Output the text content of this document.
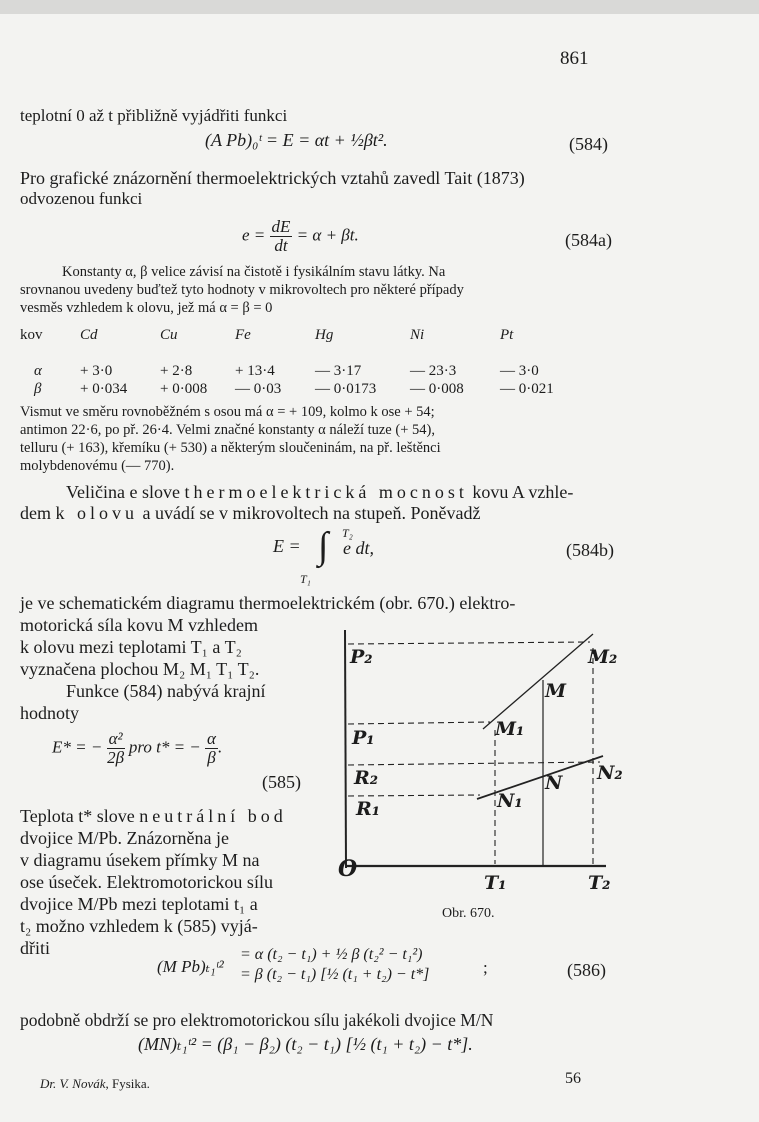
861
teplotní 0 až t přibližně vyjádřiti funkci
(A Pb)₀ᵗ = E = αt + ½βt².	(584)
Pro grafické znázornění thermoelektrických vztahů zavedl Tait (1873)
odvozenou funkci
$e = \frac{dE}{dt} = \alpha + \beta t$.	(584a)
Konstanty α, β velice závisí na čistotě i fysikálním stavu látky. Na
srovnanou uvedeny buďtež tyto hodnoty v mikrovoltech pro některé případy
vesměs vzhledem k olovu, jež má α = β = 0
kov	Cd	Cu	Fe	Hg	Ni	Pt

α	+ 3·0	+ 2·8	+ 13·4	— 3·17	— 23·3	— 3·0
β	+ 0·034	+ 0·008	— 0·03	— 0·0173	— 0·008	— 0·021
Vismut ve směru rovnoběžném s osou má α = + 109, kolmo k ose + 54;
antimon 22·6, po př. 26·4. Velmi značné konstanty α náleží tuze (+ 54),
telluru (+ 163), křemíku (+ 530) a některým sloučeninám, na př. leštěnci
molybdenovému (— 770).
Veličina e slove thermoelektrická mocnost kovu A vzhle-
dem k olovu a uvádí se v mikrovoltech na stupeň. Poněvadž
E = ∫ T₂
T₁
e dt,	(584b)
je ve schematickém diagramu thermoelektrickém (obr. 670.) elektro-
motorická síla kovu M vzhledem
k olovu mezi teplotami T₁ a T₂
vyznačena plochou M₂ M₁ T₁ T₂.
Funkce (584) nabývá krajní
hodnoty
E* = − $\frac{\text{α²}}{2\beta}$ pro t* = − $\frac{\alpha}{\beta}$ .
(585)
Teplota t* slove neutrální bod
dvojice M/Pb. Znázorněna je
v diagramu úsekem přímky M na
ose úseček. Elektromotorickou sílu
dvojice M/Pb mezi teplotami t₁ a
t₂ možno vzhledem k (585) vyjá-
dřiti
P₂
P₁
R₂
R₁
M₂
M
M₁
N₂
N
N₁
O
T₁	T₂
Obr. 670.
(M Pb)ₜ₁ᵗ²
= α (t₂ − t₁) + ½ β (t₂² − t₁²)
= β (t₂ − t₁) [½ (t₁ + t₂) − t*]	;	(586)
podobně obdrží se pro elektromotorickou sílu jakékoli dvojice M/N
(MN)ₜ₁ᵗ² = (β₁ − β₂) (t₂ − t₁) [½ (t₁ + t₂) − t*].
Dr. V. Novák, Fysika.	56
